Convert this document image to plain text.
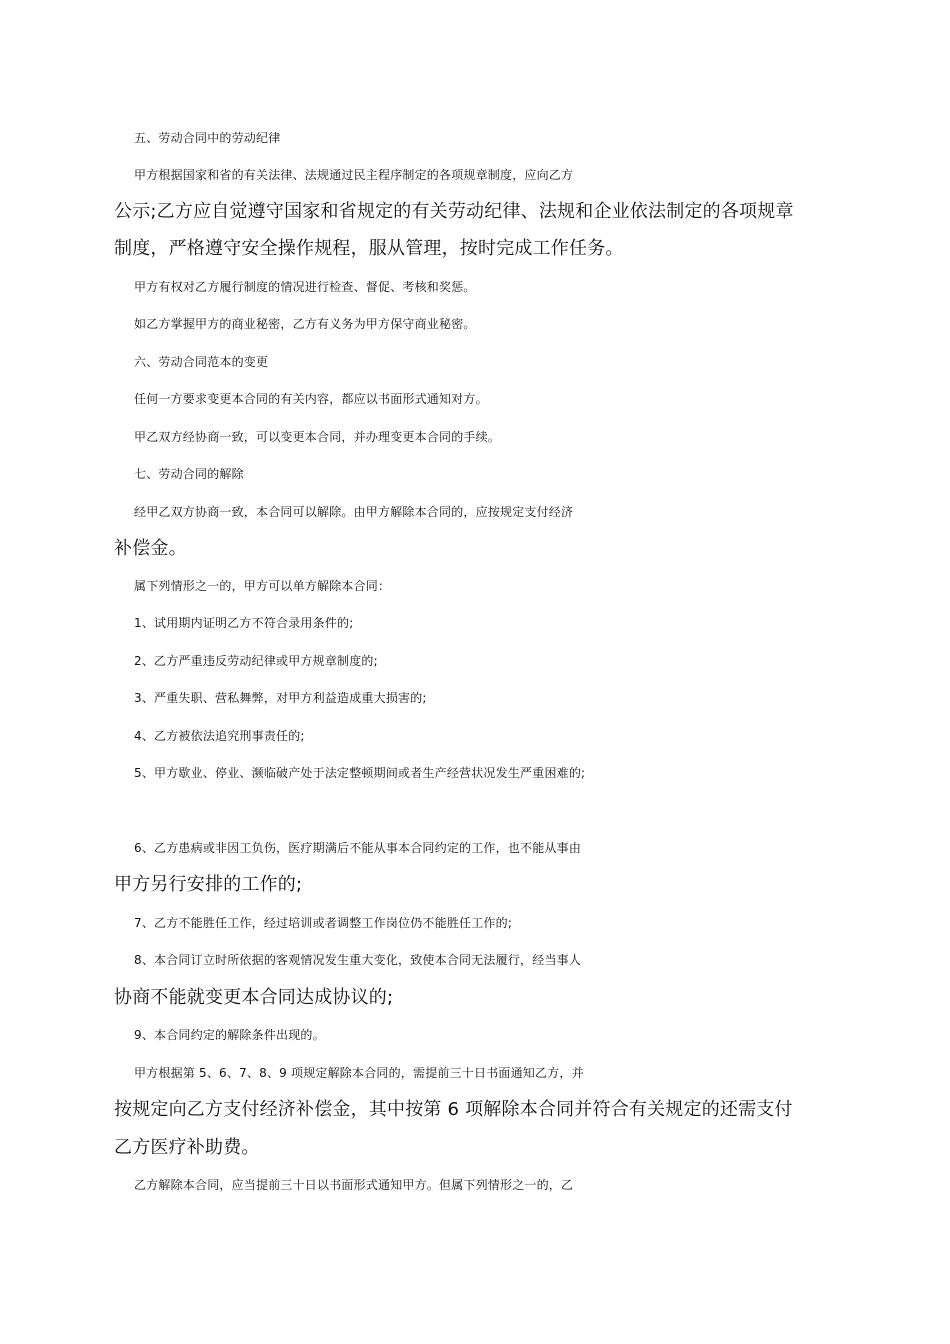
五、劳动合同中的劳动纪律
甲方根据国家和省的有关法律、法规通过民主程序制定的各项规章制度，应向乙方
公示;乙方应自觉遵守国家和省规定的有关劳动纪律、法规和企业依法制定的各项规章
制度，严格遵守安全操作规程，服从管理，按时完成工作任务。
甲方有权对乙方履行制度的情况进行检查、督促、考核和奖惩。
如乙方掌握甲方的商业秘密，乙方有义务为甲方保守商业秘密。
六、劳动合同范本的变更
任何一方要求变更本合同的有关内容，都应以书面形式通知对方。
甲乙双方经协商一致，可以变更本合同，并办理变更本合同的手续。
七、劳动合同的解除
经甲乙双方协商一致，本合同可以解除。由甲方解除本合同的，应按规定支付经济
补偿金。
属下列情形之一的，甲方可以单方解除本合同：
1、试用期内证明乙方不符合录用条件的;
2、乙方严重违反劳动纪律或甲方规章制度的;
3、严重失职、营私舞弊，对甲方利益造成重大损害的;
4、乙方被依法追究刑事责任的;
5、甲方歇业、停业、濒临破产处于法定整顿期间或者生产经营状况发生严重困难的;
6、乙方患病或非因工负伤，医疗期满后不能从事本合同约定的工作，也不能从事由
甲方另行安排的工作的;
7、乙方不能胜任工作，经过培训或者调整工作岗位仍不能胜任工作的;
8、本合同订立时所依据的客观情况发生重大变化，致使本合同无法履行，经当事人
协商不能就变更本合同达成协议的;
9、本合同约定的解除条件出现的。
甲方根据第 5、6、7、8、9 项规定解除本合同的，需提前三十日书面通知乙方，并
按规定向乙方支付经济补偿金，其中按第 6 项解除本合同并符合有关规定的还需支付
乙方医疗补助费。
乙方解除本合同，应当提前三十日以书面形式通知甲方。但属下列情形之一的，乙
